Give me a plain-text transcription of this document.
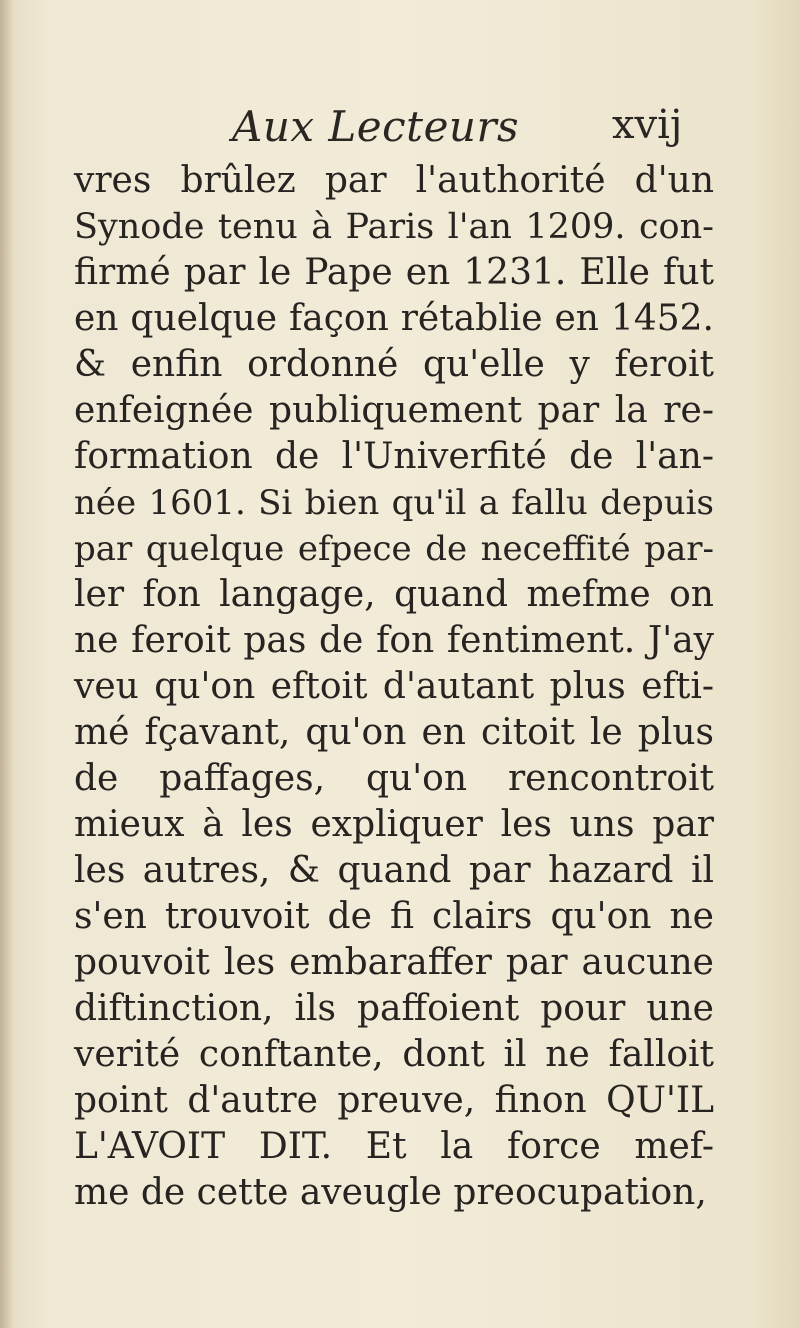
Aux Lecteurs xvij
vres brûlez par l'authorité d'un
Synode tenu à Paris l'an 1209. con-
firmé par le Pape en 1231. Elle fut
en quelque façon rétablie en 1452.
& enfin ordonné qu'elle y feroit
enfeignée publiquement par la re-
formation de l'Univerfité de l'an-
née 1601. Si bien qu'il a fallu depuis
par quelque efpece de neceffité par-
ler fon langage, quand mefme on
ne feroit pas de fon fentiment. J'ay
veu qu'on eftoit d'autant plus efti-
mé fçavant, qu'on en citoit le plus
de paffages, qu'on rencontroit
mieux à les expliquer les uns par
les autres, & quand par hazard il
s'en trouvoit de fi clairs qu'on ne
pouvoit les embaraffer par aucune
diftinction, ils paffoient pour une
verité conftante, dont il ne falloit
point d'autre preuve, finon QU'IL
L'AVOIT DIT. Et la force mef-
me de cette aveugle preocupation,
